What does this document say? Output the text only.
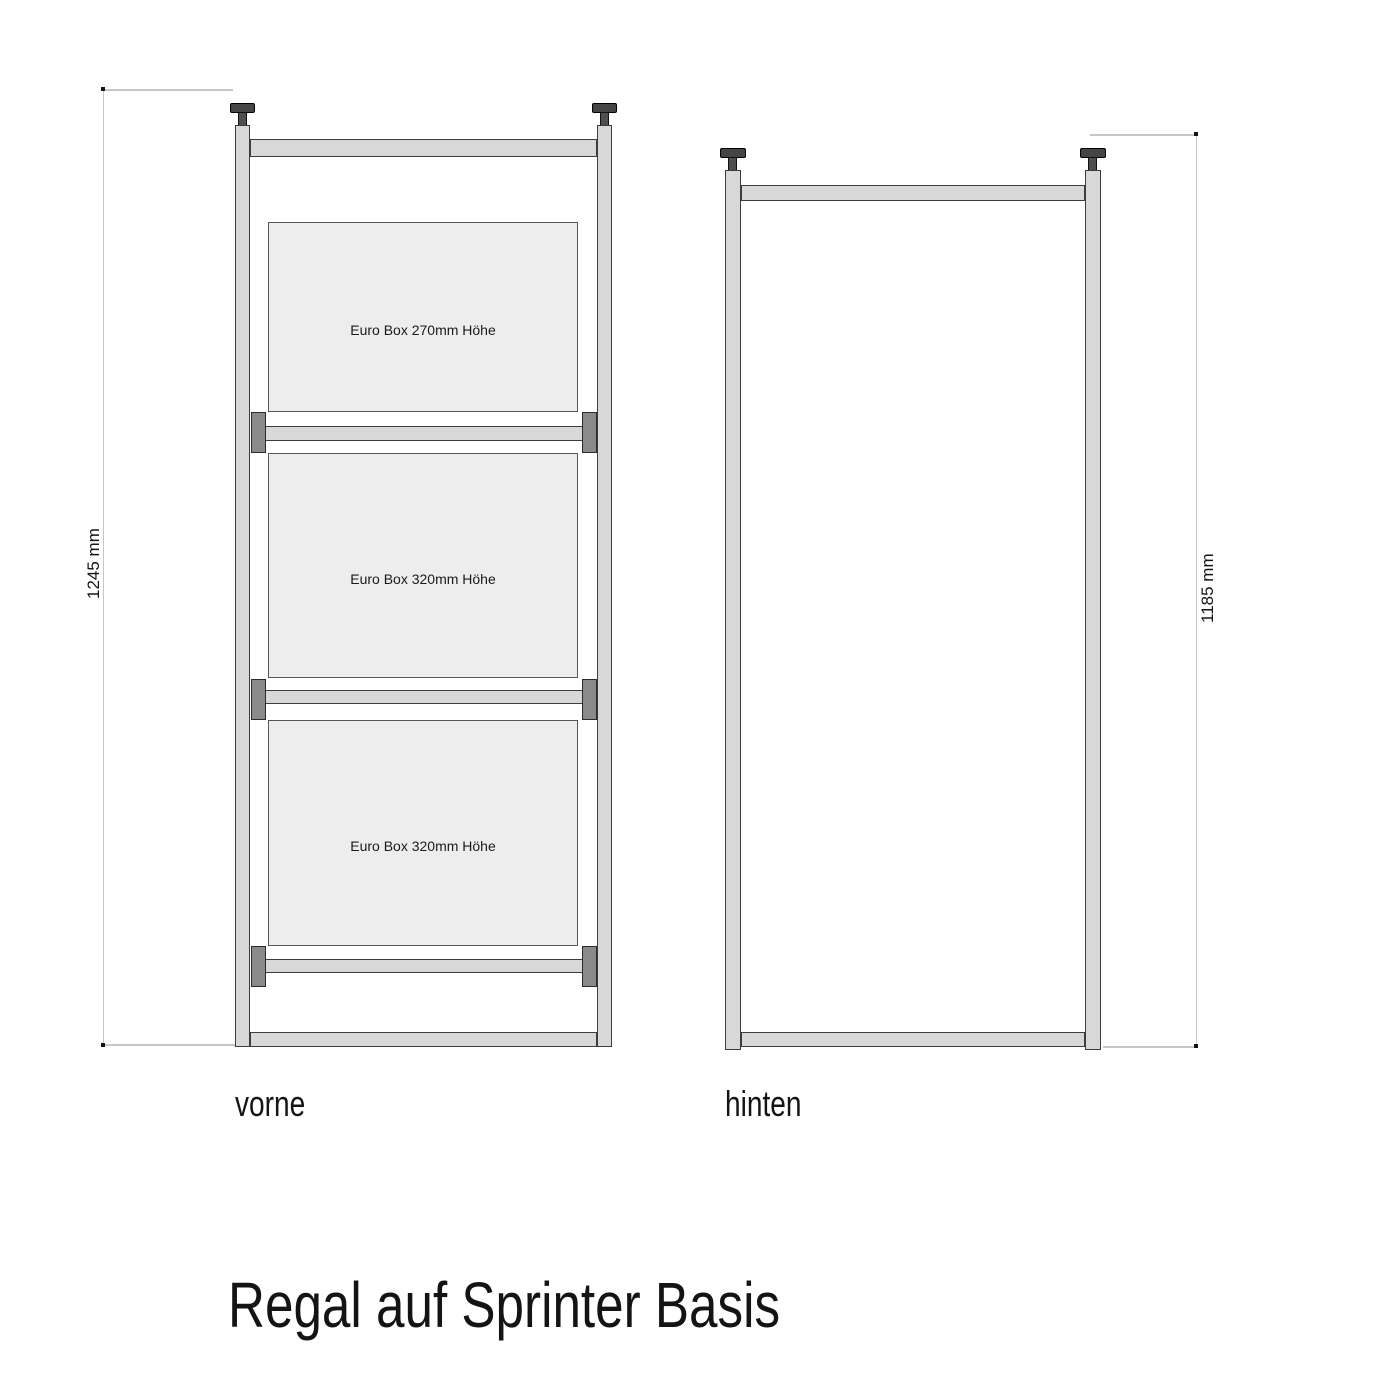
1245 mm
Euro Box 270mm Höhe
Euro Box 320mm Höhe
Euro Box 320mm Höhe
vorne
1185 mm
hinten
Regal auf Sprinter Basis
